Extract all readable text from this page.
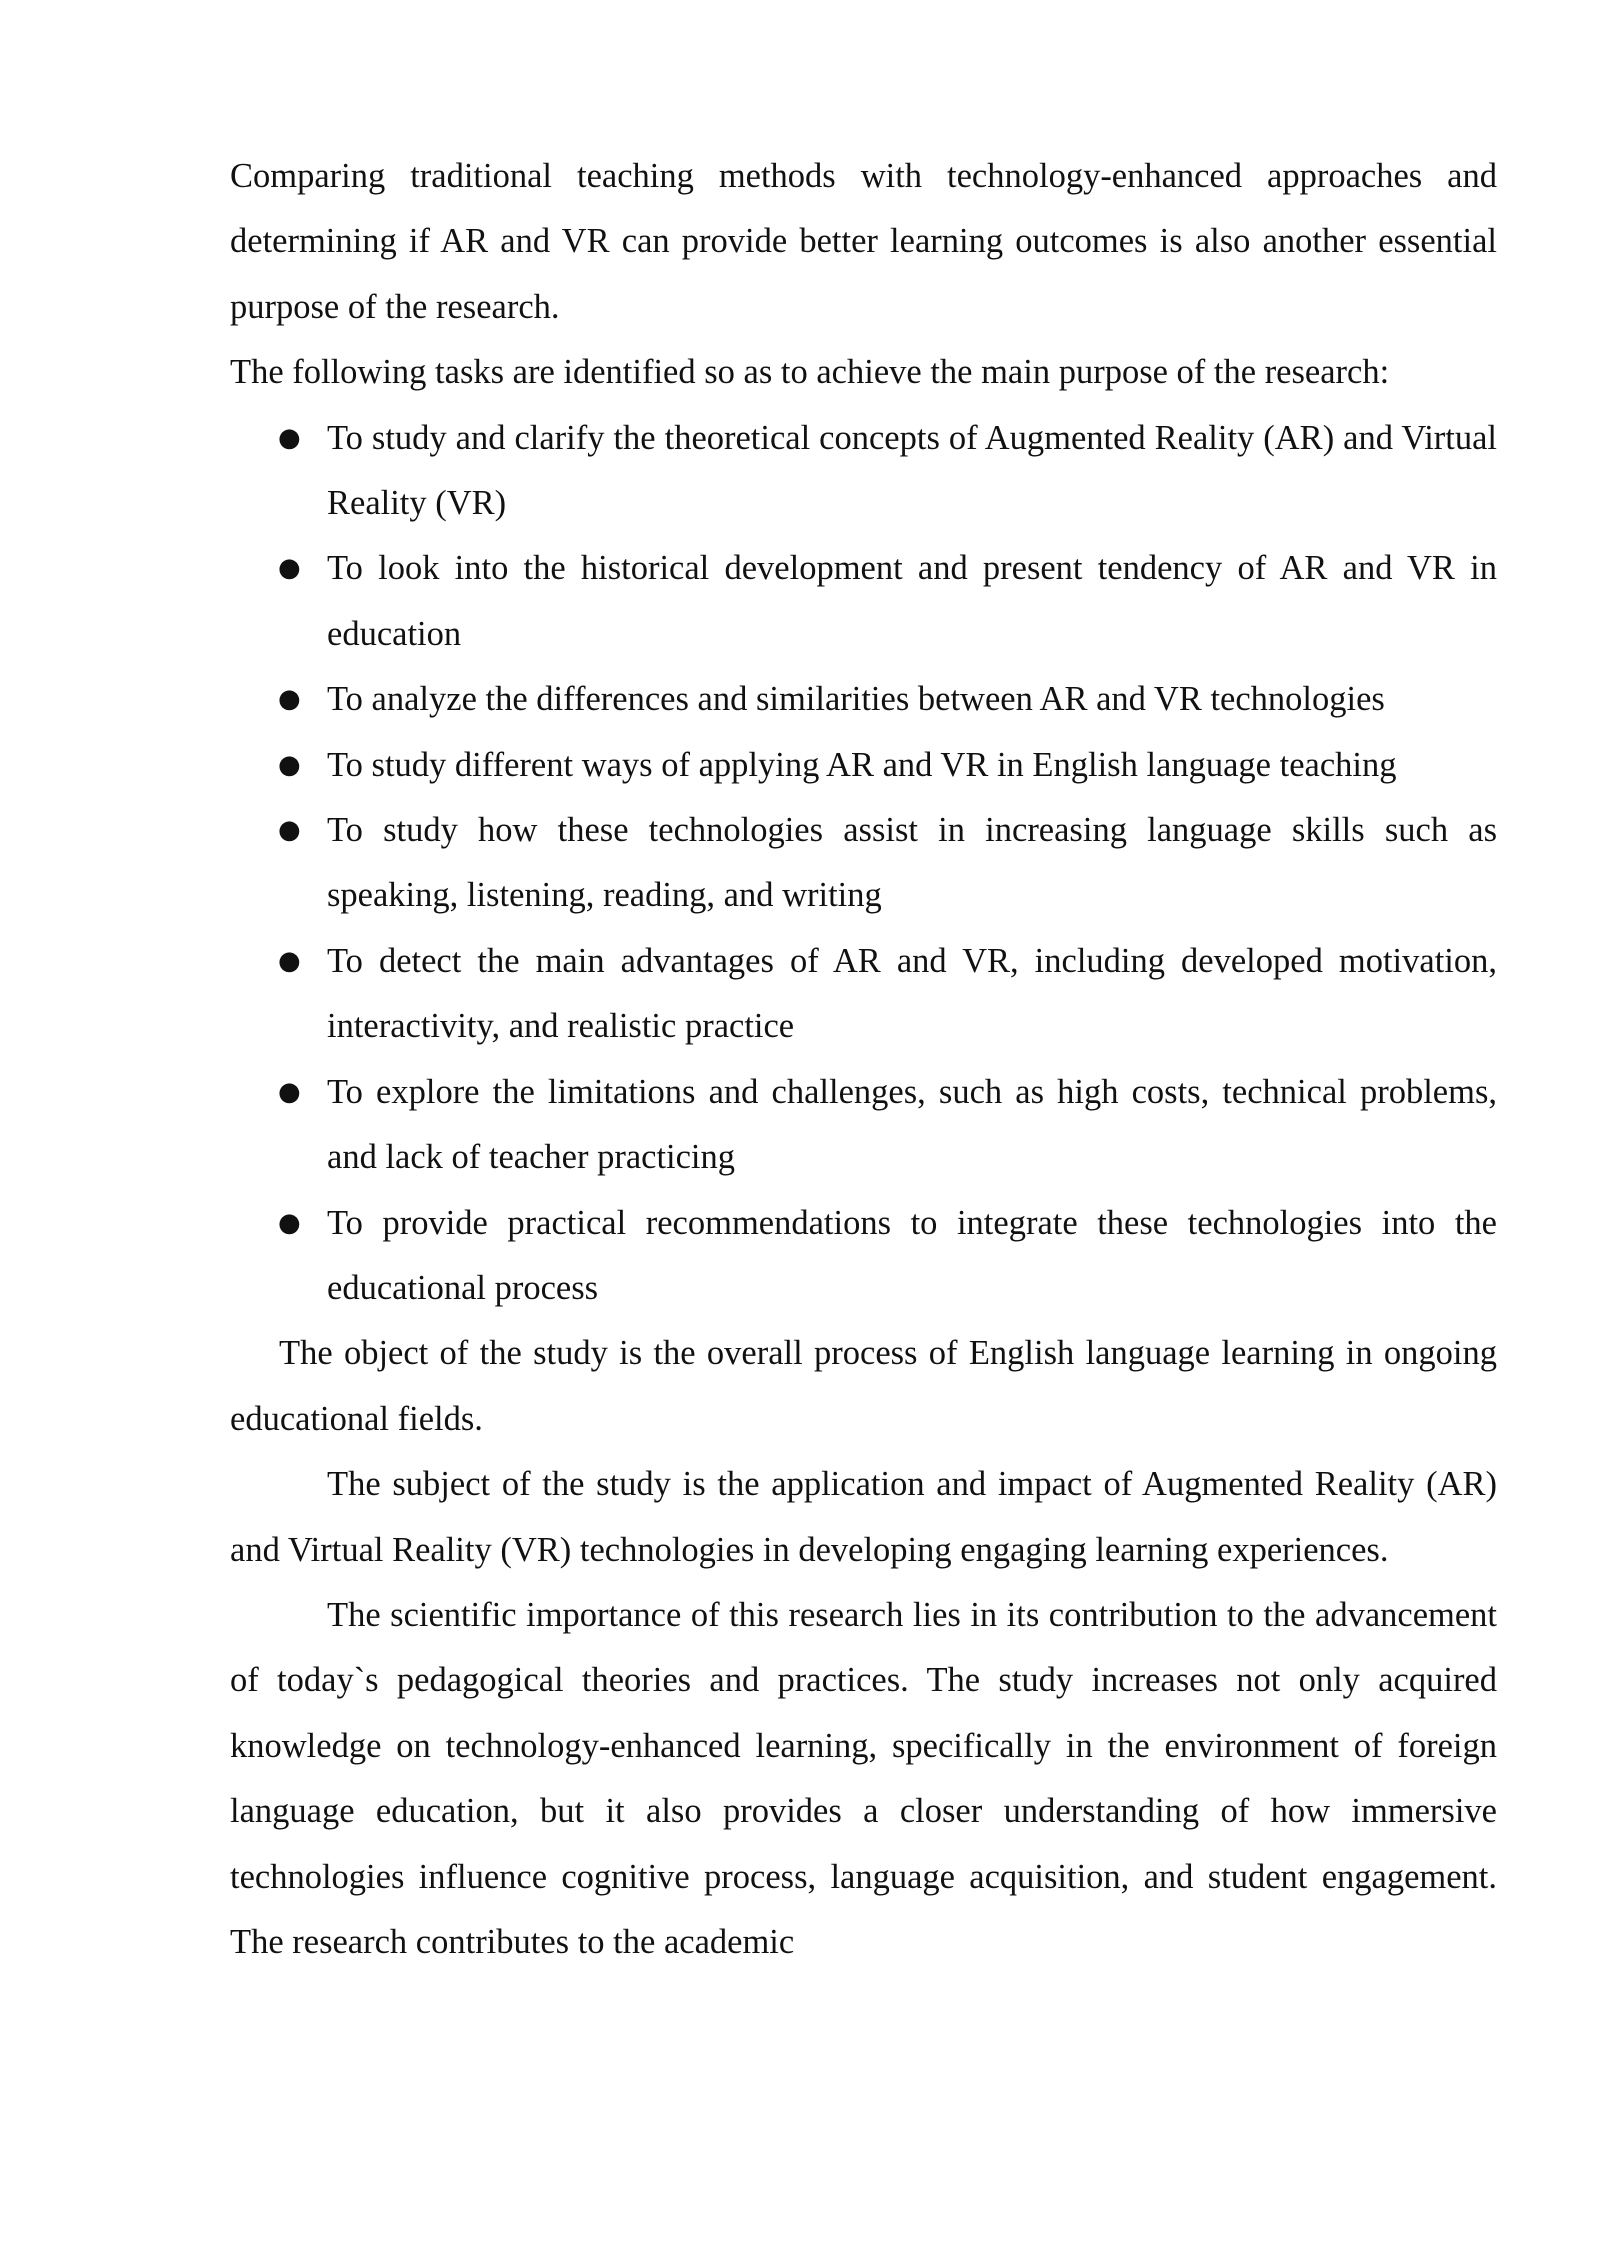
Comparing traditional teaching methods with technology-enhanced approaches and determining if AR and VR can provide better learning outcomes is also another essential purpose of the research.

The following tasks are identified so as to achieve the main purpose of the research:

● To study and clarify the theoretical concepts of Augmented Reality (AR) and Virtual Reality (VR)
● To look into the historical development and present tendency of AR and VR in education
● To analyze the differences and similarities between AR and VR technologies
● To study different ways of applying AR and VR in English language teaching
● To study how these technologies assist in increasing language skills such as speaking, listening, reading, and writing
● To detect the main advantages of AR and VR, including developed motivation, interactivity, and realistic practice
● To explore the limitations and challenges, such as high costs, technical problems, and lack of teacher practicing
● To provide practical recommendations to integrate these technologies into the educational process

The object of the study is the overall process of English language learning in ongoing educational fields.

The subject of the study is the application and impact of Augmented Reality (AR) and Virtual Reality (VR) technologies in developing engaging learning experiences.

The scientific importance of this research lies in its contribution to the advancement of today`s pedagogical theories and practices. The study increases not only acquired knowledge on technology-enhanced learning, specifically in the environment of foreign language education, but it also provides a closer understanding of how immersive technologies influence cognitive process, language acquisition, and student engagement. The research contributes to the academic
